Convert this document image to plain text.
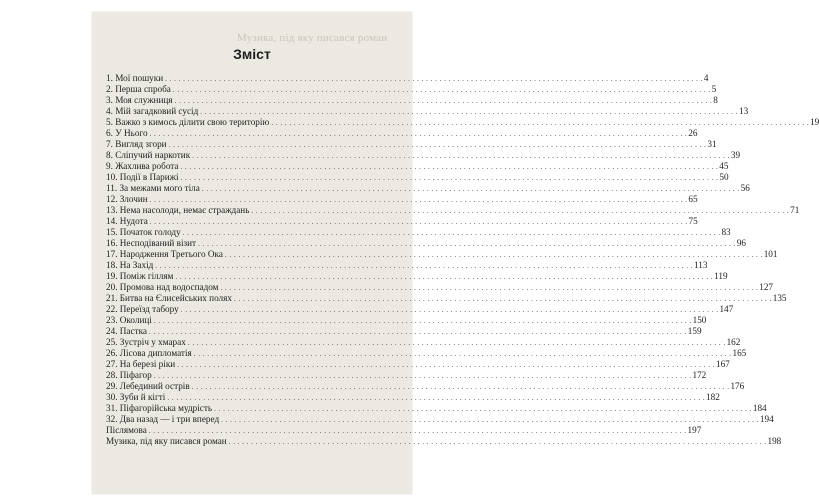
Музика, під яку писався роман
Зміст
1. Мої пошуки . . . . . . . . . . . . . . . . . . . . . . . . . . . . . . . . . . . . . . . . . . . . . . . . . . . . . . . . . . . . . . . . . . . . . . . . . . . . . . . . . . . . . . . . . . . . . . . . . . . . . . . . . . . . . . . . . . . . . . . . 4
2. Перша спроба . . . . . . . . . . . . . . . . . . . . . . . . . . . . . . . . . . . . . . . . . . . . . . . . . . . . . . . . . . . . . . . . . . . . . . . . . . . . . . . . . . . . . . . . . . . . . . . . . . . . . . . . . . . . . . . . . . . . . . . . 5
3. Моя служниця . . . . . . . . . . . . . . . . . . . . . . . . . . . . . . . . . . . . . . . . . . . . . . . . . . . . . . . . . . . . . . . . . . . . . . . . . . . . . . . . . . . . . . . . . . . . . . . . . . . . . . . . . . . . . . . . . . . . . . . . 8
4. Мій загадковий сусід . . . . . . . . . . . . . . . . . . . . . . . . . . . . . . . . . . . . . . . . . . . . . . . . . . . . . . . . . . . . . . . . . . . . . . . . . . . . . . . . . . . . . . . . . . . . . . . . . . . . . . . . . . . . . . . . . . . . . . . . 13
5. Важко з кимось ділити свою територію . . . . . . . . . . . . . . . . . . . . . . . . . . . . . . . . . . . . . . . . . . . . . . . . . . . . . . . . . . . . . . . . . . . . . . . . . . . . . . . . . . . . . . . . . . . . . . . . . . . . . . . . . . . . . . . . . . . . . . . . 19
6. У Нього . . . . . . . . . . . . . . . . . . . . . . . . . . . . . . . . . . . . . . . . . . . . . . . . . . . . . . . . . . . . . . . . . . . . . . . . . . . . . . . . . . . . . . . . . . . . . . . . . . . . . . . . . . . . . . . . . . . . . . . . 26
7. Вигляд згори . . . . . . . . . . . . . . . . . . . . . . . . . . . . . . . . . . . . . . . . . . . . . . . . . . . . . . . . . . . . . . . . . . . . . . . . . . . . . . . . . . . . . . . . . . . . . . . . . . . . . . . . . . . . . . . . . . . . . . . . 31
8. Сліпучий наркотик . . . . . . . . . . . . . . . . . . . . . . . . . . . . . . . . . . . . . . . . . . . . . . . . . . . . . . . . . . . . . . . . . . . . . . . . . . . . . . . . . . . . . . . . . . . . . . . . . . . . . . . . . . . . . . . . . . . . . . . . 39
9. Жахлива робота . . . . . . . . . . . . . . . . . . . . . . . . . . . . . . . . . . . . . . . . . . . . . . . . . . . . . . . . . . . . . . . . . . . . . . . . . . . . . . . . . . . . . . . . . . . . . . . . . . . . . . . . . . . . . . . . . . . . . . . . 45
10. Події в Парижі . . . . . . . . . . . . . . . . . . . . . . . . . . . . . . . . . . . . . . . . . . . . . . . . . . . . . . . . . . . . . . . . . . . . . . . . . . . . . . . . . . . . . . . . . . . . . . . . . . . . . . . . . . . . . . . . . . . . . . . . 50
11. За межами мого тіла . . . . . . . . . . . . . . . . . . . . . . . . . . . . . . . . . . . . . . . . . . . . . . . . . . . . . . . . . . . . . . . . . . . . . . . . . . . . . . . . . . . . . . . . . . . . . . . . . . . . . . . . . . . . . . . . . . . . . . . . 56
12. Злочин . . . . . . . . . . . . . . . . . . . . . . . . . . . . . . . . . . . . . . . . . . . . . . . . . . . . . . . . . . . . . . . . . . . . . . . . . . . . . . . . . . . . . . . . . . . . . . . . . . . . . . . . . . . . . . . . . . . . . . . . 65
13. Нема насолоди, немає страждань . . . . . . . . . . . . . . . . . . . . . . . . . . . . . . . . . . . . . . . . . . . . . . . . . . . . . . . . . . . . . . . . . . . . . . . . . . . . . . . . . . . . . . . . . . . . . . . . . . . . . . . . . . . . . . . . . . . . . . . . 71
14. Нудота . . . . . . . . . . . . . . . . . . . . . . . . . . . . . . . . . . . . . . . . . . . . . . . . . . . . . . . . . . . . . . . . . . . . . . . . . . . . . . . . . . . . . . . . . . . . . . . . . . . . . . . . . . . . . . . . . . . . . . . . 75
15. Початок голоду . . . . . . . . . . . . . . . . . . . . . . . . . . . . . . . . . . . . . . . . . . . . . . . . . . . . . . . . . . . . . . . . . . . . . . . . . . . . . . . . . . . . . . . . . . . . . . . . . . . . . . . . . . . . . . . . . . . . . . . . 83
16. Несподіваний візит . . . . . . . . . . . . . . . . . . . . . . . . . . . . . . . . . . . . . . . . . . . . . . . . . . . . . . . . . . . . . . . . . . . . . . . . . . . . . . . . . . . . . . . . . . . . . . . . . . . . . . . . . . . . . . . . . . . . . . . . 96
17. Народження Третього Ока . . . . . . . . . . . . . . . . . . . . . . . . . . . . . . . . . . . . . . . . . . . . . . . . . . . . . . . . . . . . . . . . . . . . . . . . . . . . . . . . . . . . . . . . . . . . . . . . . . . . . . . . . . . . . . . . . . . . . . . . 101
18. На Захід . . . . . . . . . . . . . . . . . . . . . . . . . . . . . . . . . . . . . . . . . . . . . . . . . . . . . . . . . . . . . . . . . . . . . . . . . . . . . . . . . . . . . . . . . . . . . . . . . . . . . . . . . . . . . . . . . . . . . . . . 113
19. Поміж гіллям . . . . . . . . . . . . . . . . . . . . . . . . . . . . . . . . . . . . . . . . . . . . . . . . . . . . . . . . . . . . . . . . . . . . . . . . . . . . . . . . . . . . . . . . . . . . . . . . . . . . . . . . . . . . . . . . . . . . . . . . 119
20. Промова над водоспадом . . . . . . . . . . . . . . . . . . . . . . . . . . . . . . . . . . . . . . . . . . . . . . . . . . . . . . . . . . . . . . . . . . . . . . . . . . . . . . . . . . . . . . . . . . . . . . . . . . . . . . . . . . . . . . . . . . . . . . . . 127
21. Битва на Єлисейських полях . . . . . . . . . . . . . . . . . . . . . . . . . . . . . . . . . . . . . . . . . . . . . . . . . . . . . . . . . . . . . . . . . . . . . . . . . . . . . . . . . . . . . . . . . . . . . . . . . . . . . . . . . . . . . . . . . . . . . . . . 135
22. Переїзд табору . . . . . . . . . . . . . . . . . . . . . . . . . . . . . . . . . . . . . . . . . . . . . . . . . . . . . . . . . . . . . . . . . . . . . . . . . . . . . . . . . . . . . . . . . . . . . . . . . . . . . . . . . . . . . . . . . . . . . . . . 147
23. Околиці . . . . . . . . . . . . . . . . . . . . . . . . . . . . . . . . . . . . . . . . . . . . . . . . . . . . . . . . . . . . . . . . . . . . . . . . . . . . . . . . . . . . . . . . . . . . . . . . . . . . . . . . . . . . . . . . . . . . . . . . 150
24. Пастка . . . . . . . . . . . . . . . . . . . . . . . . . . . . . . . . . . . . . . . . . . . . . . . . . . . . . . . . . . . . . . . . . . . . . . . . . . . . . . . . . . . . . . . . . . . . . . . . . . . . . . . . . . . . . . . . . . . . . . . . 159
25. Зустріч у хмарах . . . . . . . . . . . . . . . . . . . . . . . . . . . . . . . . . . . . . . . . . . . . . . . . . . . . . . . . . . . . . . . . . . . . . . . . . . . . . . . . . . . . . . . . . . . . . . . . . . . . . . . . . . . . . . . . . . . . . . . . 162
26. Лісова дипломатія . . . . . . . . . . . . . . . . . . . . . . . . . . . . . . . . . . . . . . . . . . . . . . . . . . . . . . . . . . . . . . . . . . . . . . . . . . . . . . . . . . . . . . . . . . . . . . . . . . . . . . . . . . . . . . . . . . . . . . . . 165
27. На березі ріки . . . . . . . . . . . . . . . . . . . . . . . . . . . . . . . . . . . . . . . . . . . . . . . . . . . . . . . . . . . . . . . . . . . . . . . . . . . . . . . . . . . . . . . . . . . . . . . . . . . . . . . . . . . . . . . . . . . . . . . . 167
28. Піфагор . . . . . . . . . . . . . . . . . . . . . . . . . . . . . . . . . . . . . . . . . . . . . . . . . . . . . . . . . . . . . . . . . . . . . . . . . . . . . . . . . . . . . . . . . . . . . . . . . . . . . . . . . . . . . . . . . . . . . . . . 172
29. Лебединий острів . . . . . . . . . . . . . . . . . . . . . . . . . . . . . . . . . . . . . . . . . . . . . . . . . . . . . . . . . . . . . . . . . . . . . . . . . . . . . . . . . . . . . . . . . . . . . . . . . . . . . . . . . . . . . . . . . . . . . . . . 176
30. Зуби й кігті . . . . . . . . . . . . . . . . . . . . . . . . . . . . . . . . . . . . . . . . . . . . . . . . . . . . . . . . . . . . . . . . . . . . . . . . . . . . . . . . . . . . . . . . . . . . . . . . . . . . . . . . . . . . . . . . . . . . . . . . 182
31. Піфагорійська мудрість . . . . . . . . . . . . . . . . . . . . . . . . . . . . . . . . . . . . . . . . . . . . . . . . . . . . . . . . . . . . . . . . . . . . . . . . . . . . . . . . . . . . . . . . . . . . . . . . . . . . . . . . . . . . . . . . . . . . . . . . 184
32. Два назад — і три вперед . . . . . . . . . . . . . . . . . . . . . . . . . . . . . . . . . . . . . . . . . . . . . . . . . . . . . . . . . . . . . . . . . . . . . . . . . . . . . . . . . . . . . . . . . . . . . . . . . . . . . . . . . . . . . . . . . . . . . . . . 194
Післямова . . . . . . . . . . . . . . . . . . . . . . . . . . . . . . . . . . . . . . . . . . . . . . . . . . . . . . . . . . . . . . . . . . . . . . . . . . . . . . . . . . . . . . . . . . . . . . . . . . . . . . . . . . . . . . . . . . . . . . . . 197
Музика, під яку писався роман . . . . . . . . . . . . . . . . . . . . . . . . . . . . . . . . . . . . . . . . . . . . . . . . . . . . . . . . . . . . . . . . . . . . . . . . . . . . . . . . . . . . . . . . . . . . . . . . . . . . . . . . . . . . . . . . . . . . . . . . 198
